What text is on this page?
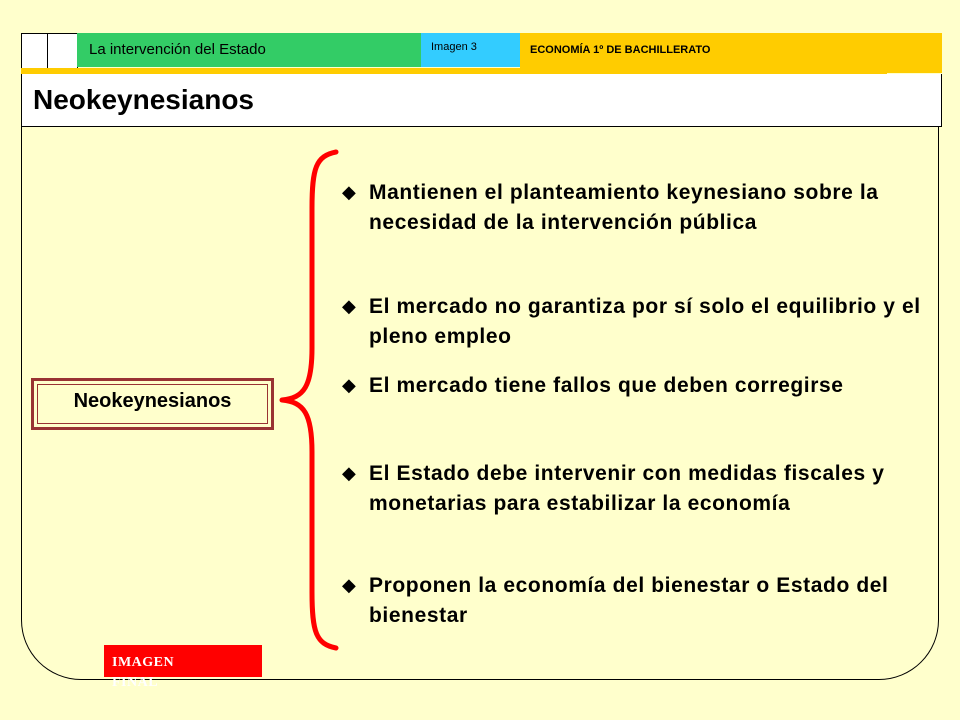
La intervención del Estado	Imagen 3	ECONOMÍA 1º DE BACHILLERATO
Neokeynesianos
Neokeynesianos
◆ Mantienen el planteamiento keynesiano sobre la necesidad de la intervención pública
◆ El mercado no garantiza por sí solo el equilibrio y el pleno empleo
◆ El mercado tiene fallos que deben corregirse
◆ El Estado debe intervenir con medidas fiscales y monetarias para estabilizar la economía
◆ Proponen la economía del bienestar o Estado del bienestar
IMAGEN FINAL
